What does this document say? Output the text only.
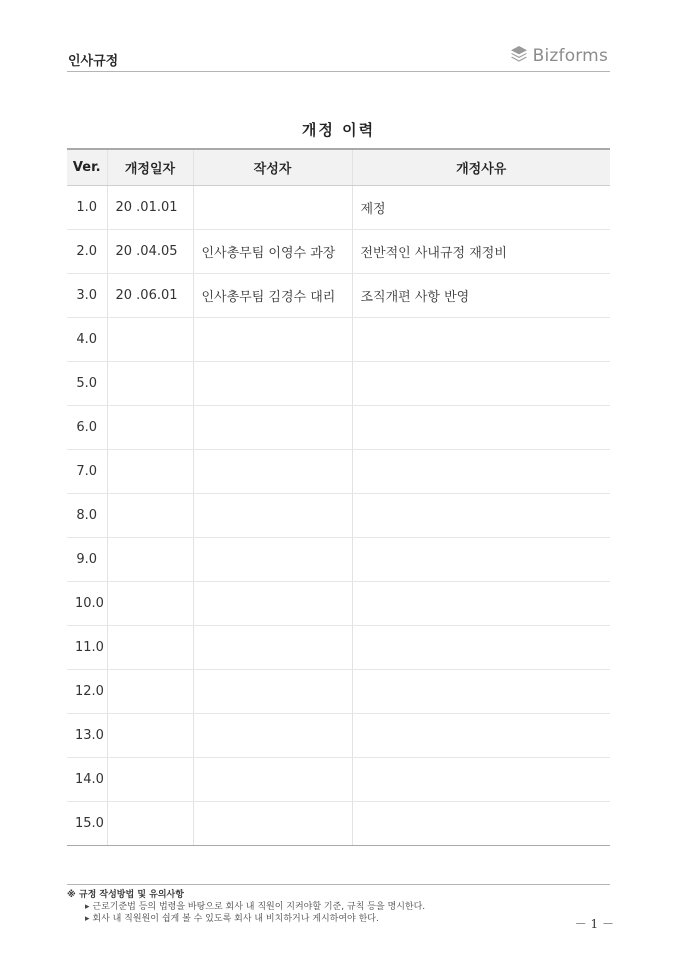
인사규정	Bizforms
개정 이력
Ver.	개정일자	작성자	개정사유
1.0	20 .01.01		제정
2.0	20 .04.05	인사총무팀 이영수 과장	전반적인 사내규정 재정비
3.0	20 .06.01	인사총무팀 김경수 대리	조직개편 사항 반영
4.0			
5.0			
6.0			
7.0			
8.0			
9.0			
10.0			
11.0			
12.0			
13.0			
14.0			
15.0			
※ 규정 작성방법 및 유의사항
▸ 근로기준법 등의 법령을 바탕으로 회사 내 직원이 지켜야할 기준, 규칙 등을 명시한다.
▸ 회사 내 직원원이 쉽게 볼 수 있도록 회사 내 비치하거나 게시하여야 한다.	－ 1 －
